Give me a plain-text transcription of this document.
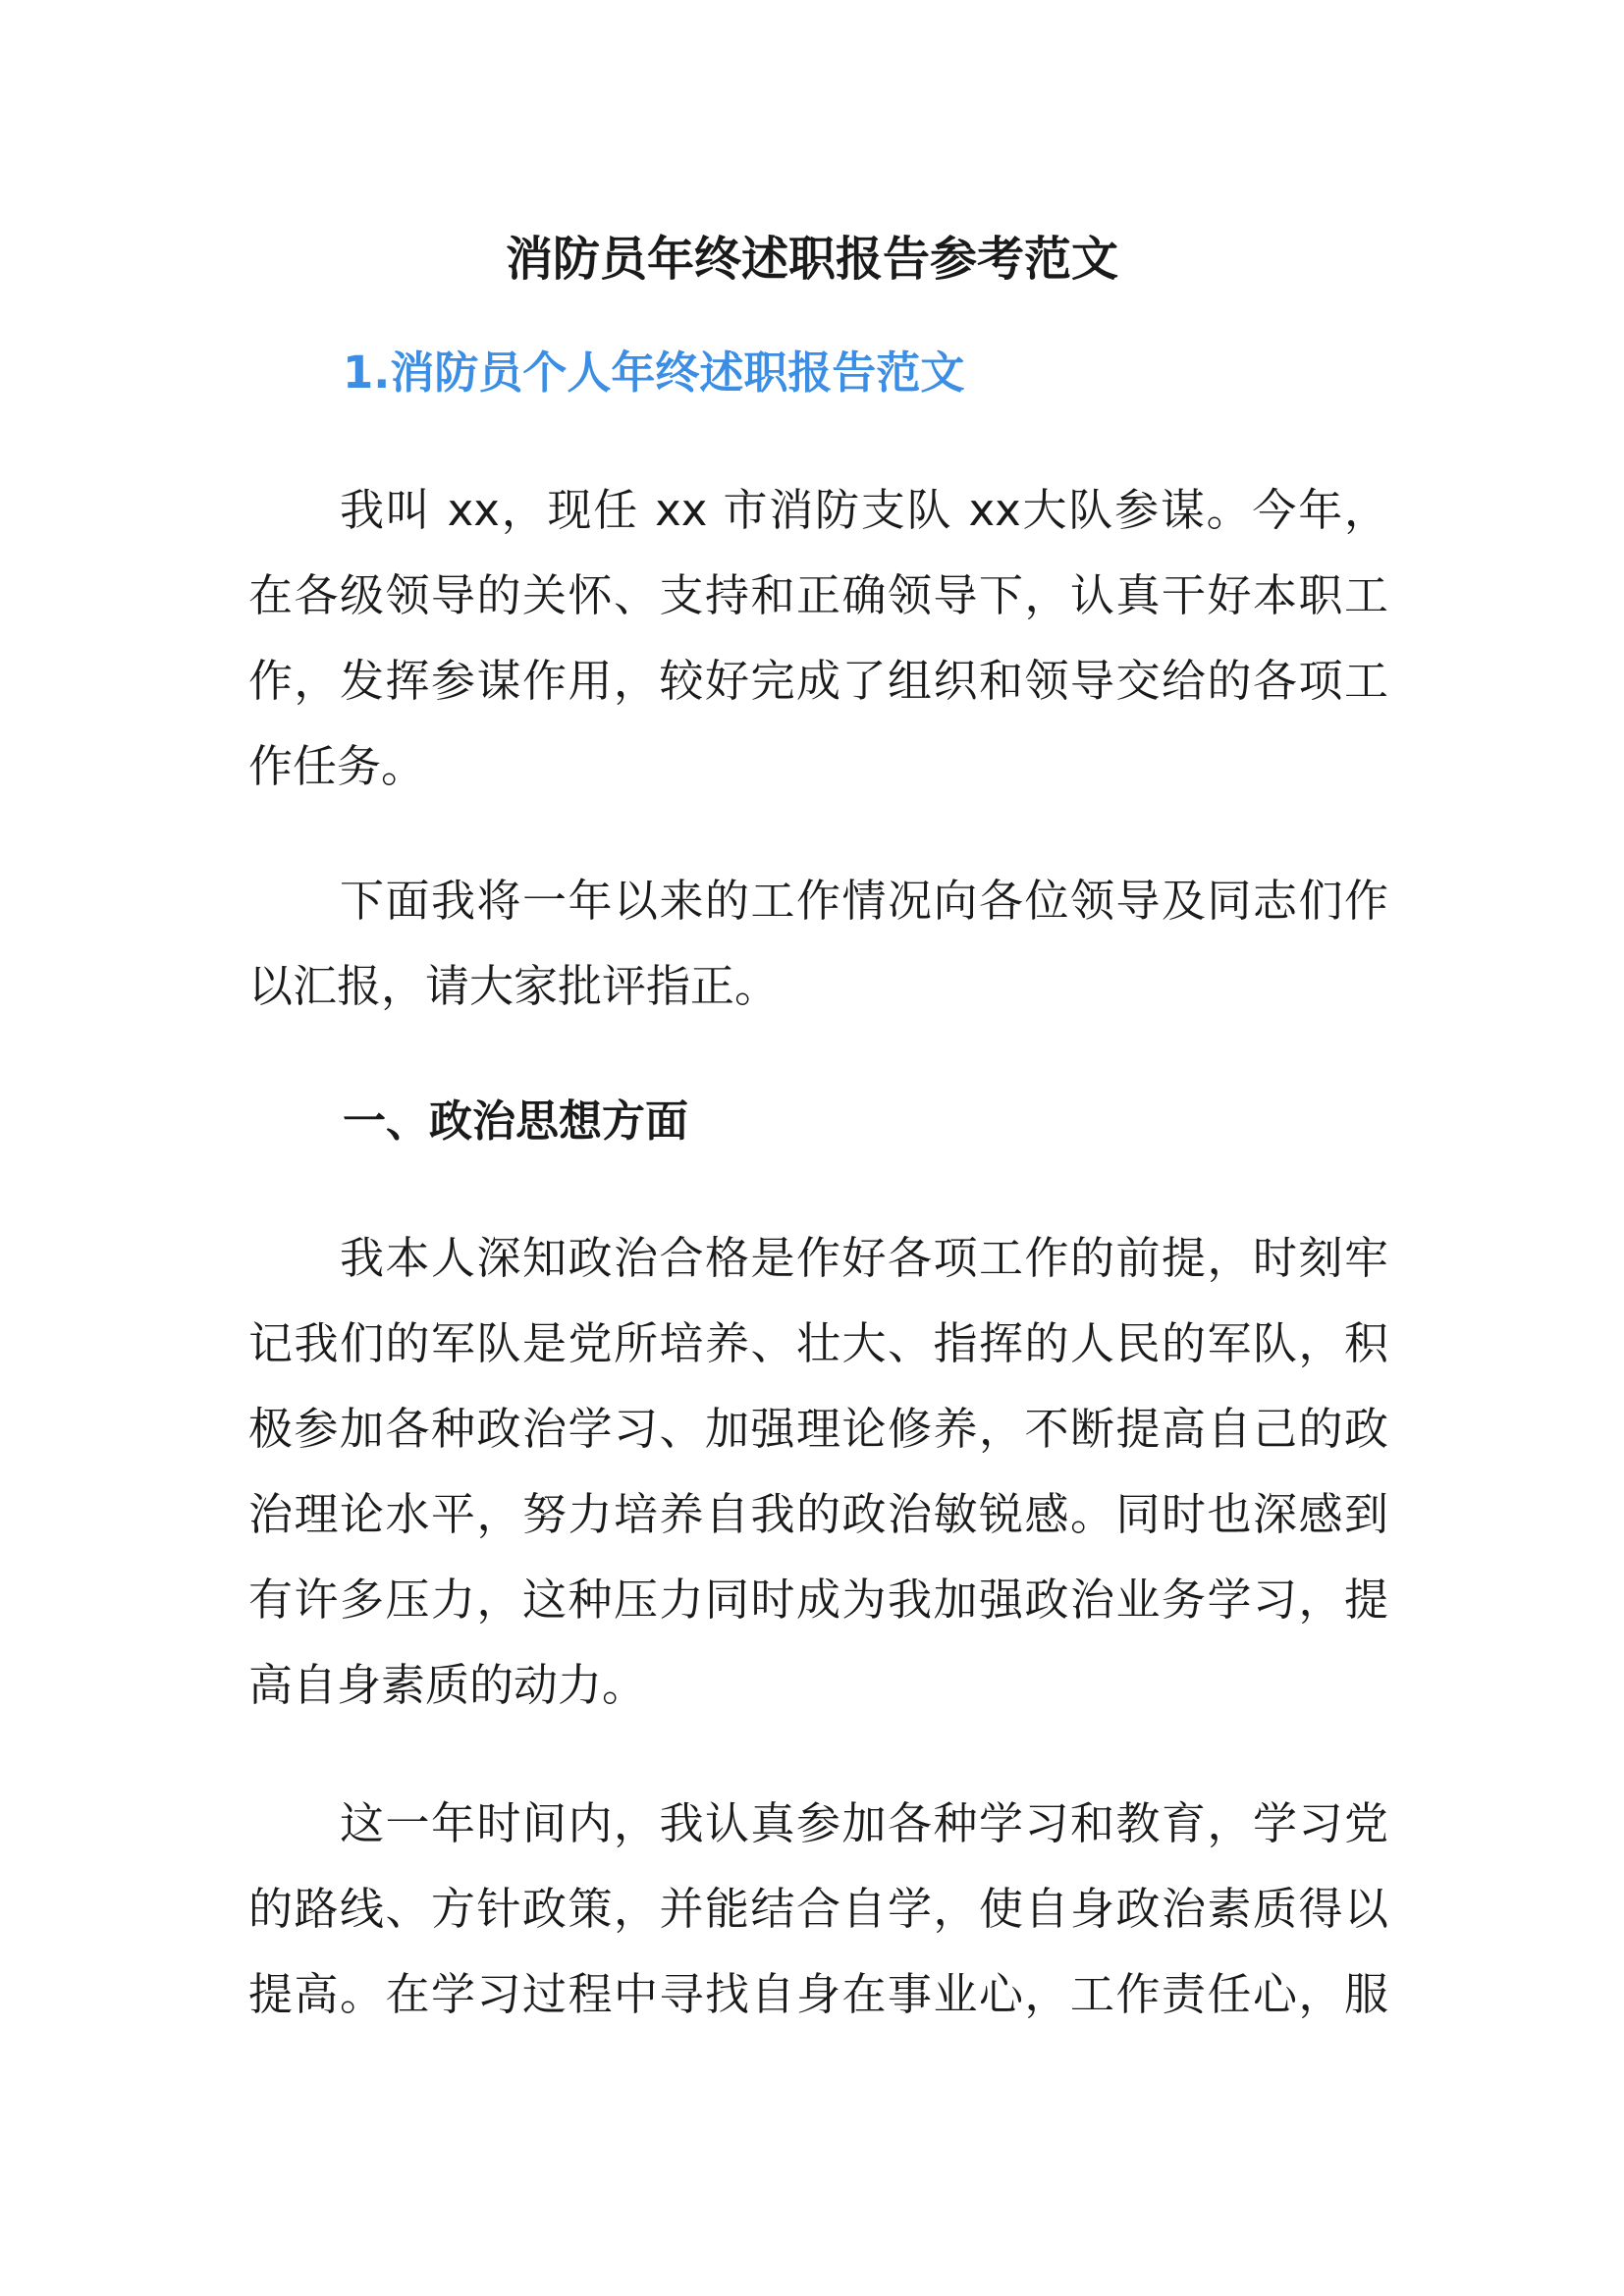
消防员年终述职报告参考范文
1.消防员个人年终述职报告范文
我叫 xx，现任 xx 市消防支队 xx大队参谋。今年，
在各级领导的关怀、支持和正确领导下，认真干好本职工
作，发挥参谋作用，较好完成了组织和领导交给的各项工
作任务。
下面我将一年以来的工作情况向各位领导及同志们作
以汇报，请大家批评指正。
一、政治思想方面
我本人深知政治合格是作好各项工作的前提，时刻牢
记我们的军队是党所培养、壮大、指挥的人民的军队，积
极参加各种政治学习、加强理论修养，不断提高自己的政
治理论水平，努力培养自我的政治敏锐感。同时也深感到
有许多压力，这种压力同时成为我加强政治业务学习，提
高自身素质的动力。
这一年时间内，我认真参加各种学习和教育，学习党
的路线、方针政策，并能结合自学，使自身政治素质得以
提高。在学习过程中寻找自身在事业心，工作责任心，服
